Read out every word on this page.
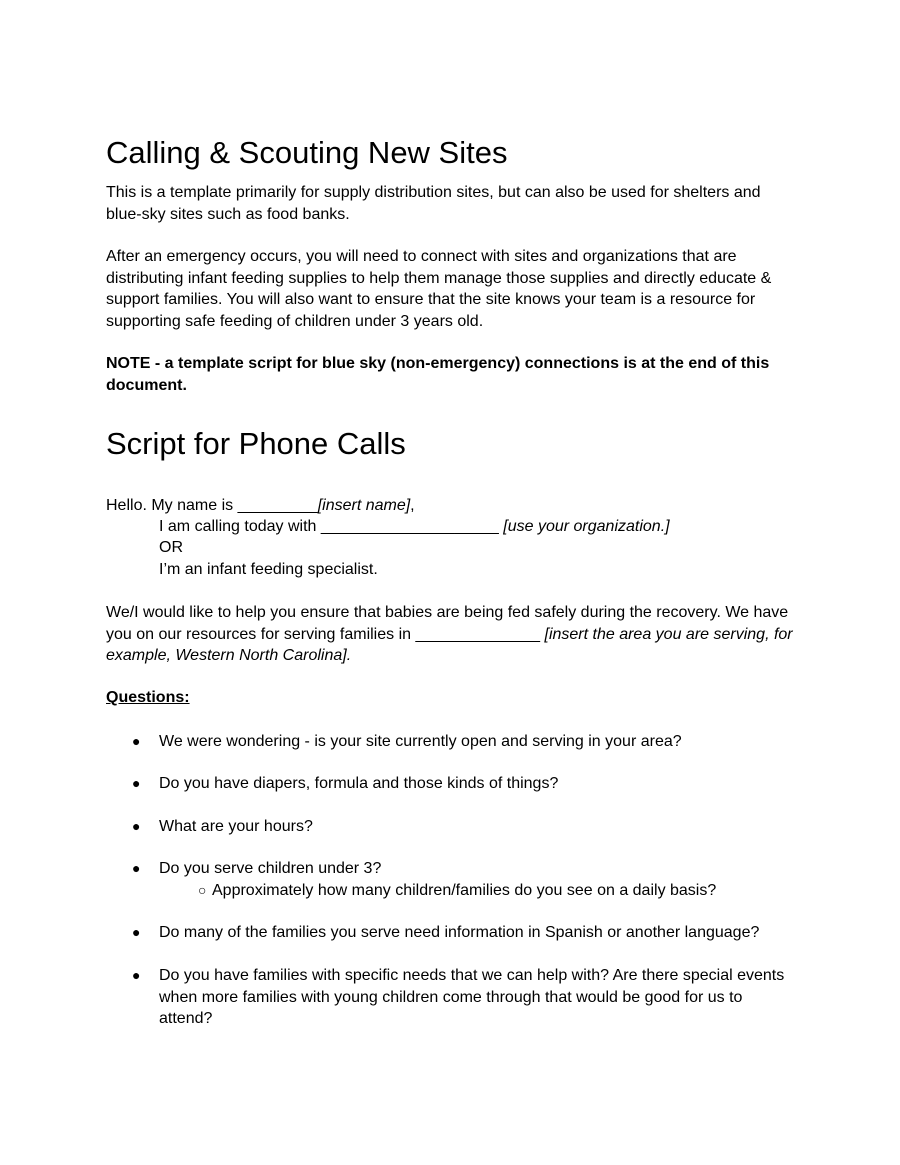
Calling & Scouting New Sites

This is a template primarily for supply distribution sites, but can also be used for shelters and blue-sky sites such as food banks.

After an emergency occurs, you will need to connect with sites and organizations that are distributing infant feeding supplies to help them manage those supplies and directly educate & support families. You will also want to ensure that the site knows your team is a resource for supporting safe feeding of children under 3 years old.

NOTE - a template script for blue sky (non-emergency) connections is at the end of this document.

Script for Phone Calls
Hello. My name is _________[insert name],
I am calling today with ____________________ [use your organization.]
OR
I’m an infant feeding specialist.

We/I would like to help you ensure that babies are being fed safely during the recovery. We have you on our resources for serving families in ______________ [insert the area you are serving, for example, Western North Carolina].

Questions:
● We were wondering - is your site currently open and serving in your area?
● Do you have diapers, formula and those kinds of things?
● What are your hours?
● Do you serve children under 3?
○ Approximately how many children/families do you see on a daily basis?
● Do many of the families you serve need information in Spanish or another language?
● Do you have families with specific needs that we can help with? Are there special events when more families with young children come through that would be good for us to attend?
